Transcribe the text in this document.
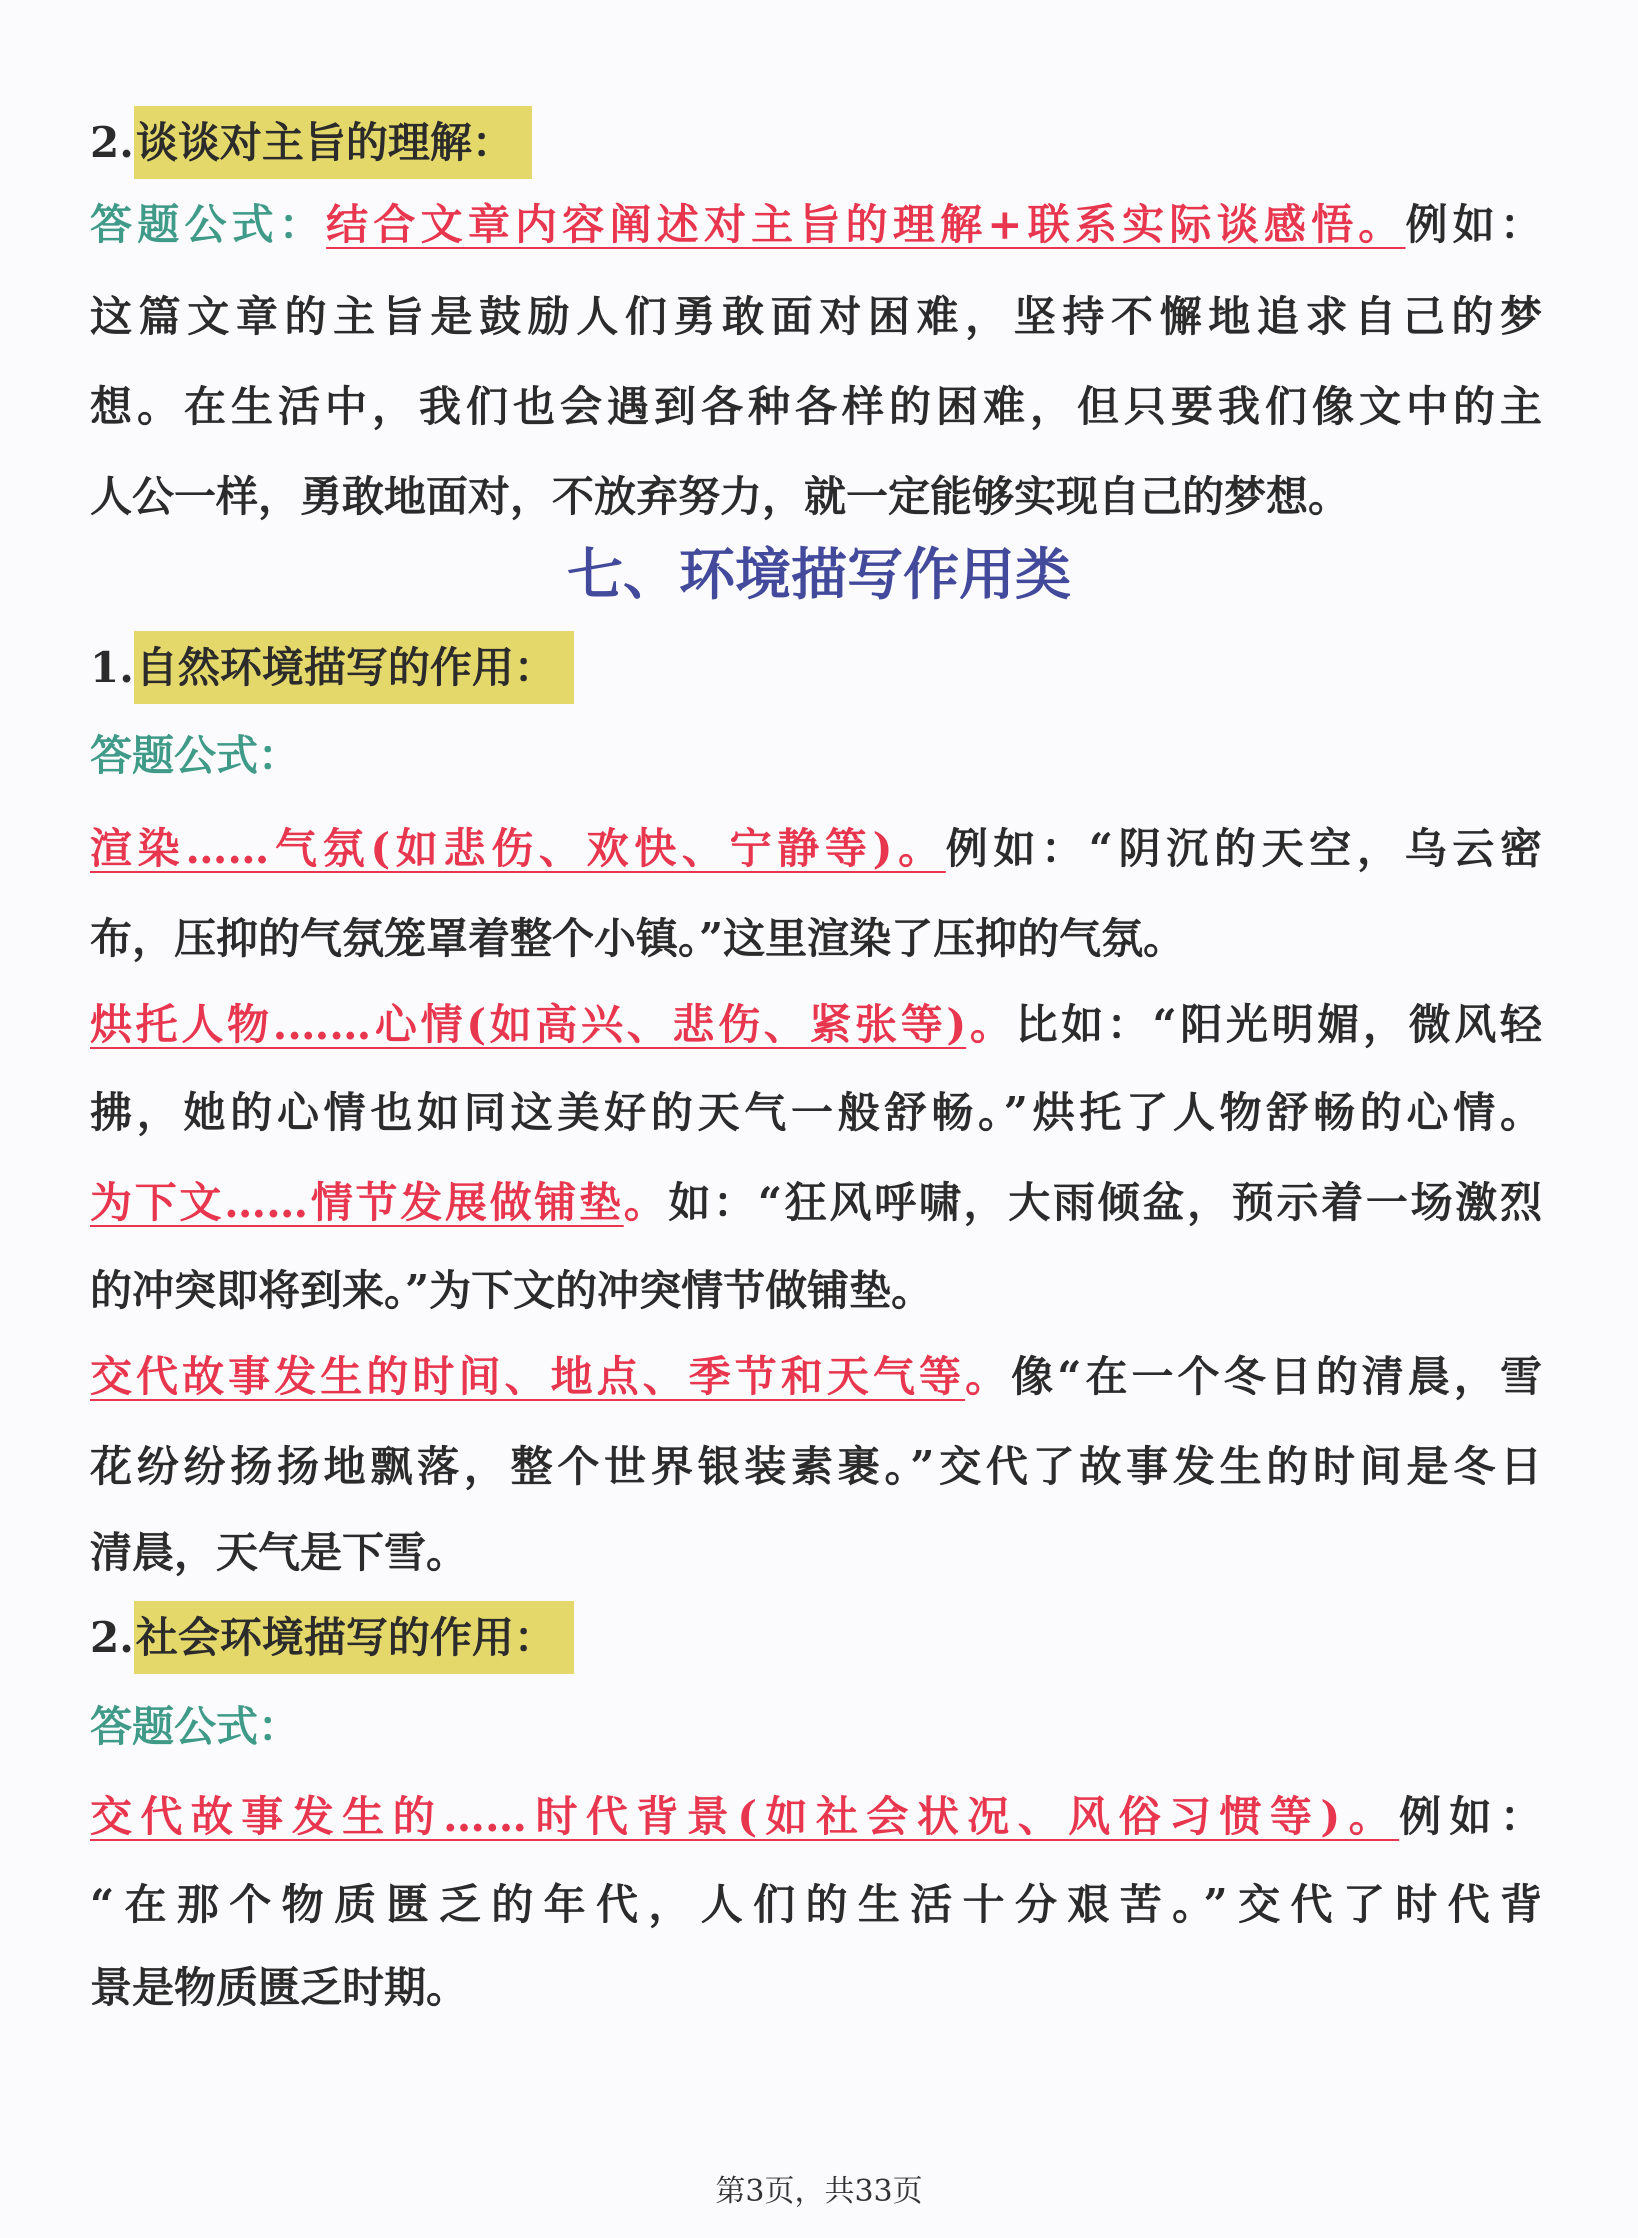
2.谈谈对主旨的理解：
答题公式：结合文章内容阐述对主旨的理解+联系实际谈感悟。例如：
这篇文章的主旨是鼓励人们勇敢面对困难，坚持不懈地追求自己的梦
想。在生活中，我们也会遇到各种各样的困难，但只要我们像文中的主
人公一样，勇敢地面对，不放弃努力，就一定能够实现自己的梦想。
七、环境描写作用类
1.自然环境描写的作用：
答题公式：
渲染……气氛(如悲伤、欢快、宁静等)。例如：“阴沉的天空，乌云密
布，压抑的气氛笼罩着整个小镇。”这里渲染了压抑的气氛。
烘托人物.……心情(如高兴、悲伤、紧张等)。比如：“阳光明媚，微风轻
拂，她的心情也如同这美好的天气一般舒畅。”烘托了人物舒畅的心情。
为下文……情节发展做铺垫。如：“狂风呼啸，大雨倾盆，预示着一场激烈
的冲突即将到来。”为下文的冲突情节做铺垫。
交代故事发生的时间、地点、季节和天气等。像“在一个冬日的清晨，雪
花纷纷扬扬地飘落，整个世界银装素裹。”交代了故事发生的时间是冬日
清晨，天气是下雪。
2.社会环境描写的作用：
答题公式：
交代故事发生的……时代背景(如社会状况、风俗习惯等)。例如：
“在那个物质匮乏的年代，人们的生活十分艰苦。”交代了时代背
景是物质匮乏时期。
第3页，共33页
